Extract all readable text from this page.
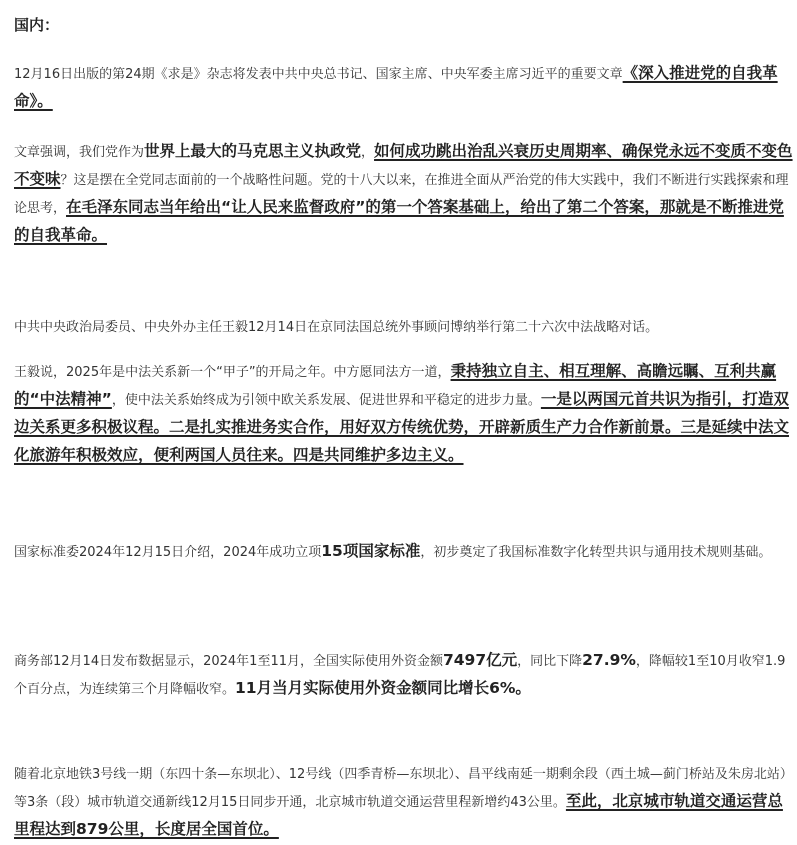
国内：

12月16日出版的第24期《求是》杂志将发表中共中央总书记、国家主席、中央军委主席习近平的重要文章《深入推进党的自我革命》。

文章强调，我们党作为世界上最大的马克思主义执政党，如何成功跳出治乱兴衰历史周期率、确保党永远不变质不变色不变味？这是摆在全党同志面前的一个战略性问题。党的十八大以来，在推进全面从严治党的伟大实践中，我们不断进行实践探索和理论思考，在毛泽东同志当年给出“让人民来监督政府”的第一个答案基础上，给出了第二个答案，那就是不断推进党的自我革命。

中共中央政治局委员、中央外办主任王毅12月14日在京同法国总统外事顾问博纳举行第二十六次中法战略对话。

王毅说，2025年是中法关系新一个“甲子”的开局之年。中方愿同法方一道，秉持独立自主、相互理解、高瞻远瞩、互利共赢的“中法精神”，使中法关系始终成为引领中欧关系发展、促进世界和平稳定的进步力量。一是以两国元首共识为指引，打造双边关系更多积极议程。二是扎实推进务实合作，用好双方传统优势，开辟新质生产力合作新前景。三是延续中法文化旅游年积极效应，便利两国人员往来。四是共同维护多边主义。

国家标准委2024年12月15日介绍，2024年成功立项15项国家标准，初步奠定了我国标准数字化转型共识与通用技术规则基础。

商务部12月14日发布数据显示，2024年1至11月，全国实际使用外资金额7497亿元，同比下降27.9%，降幅较1至10月收窄1.9个百分点，为连续第三个月降幅收窄。11月当月实际使用外资金额同比增长6%。

随着北京地铁3号线一期（东四十条—东坝北）、12号线（四季青桥—东坝北）、昌平线南延一期剩余段（西土城—蓟门桥站及朱房北站）等3条（段）城市轨道交通新线12月15日同步开通，北京城市轨道交通运营里程新增约43公里。至此，北京城市轨道交通运营总里程达到879公里，长度居全国首位。
